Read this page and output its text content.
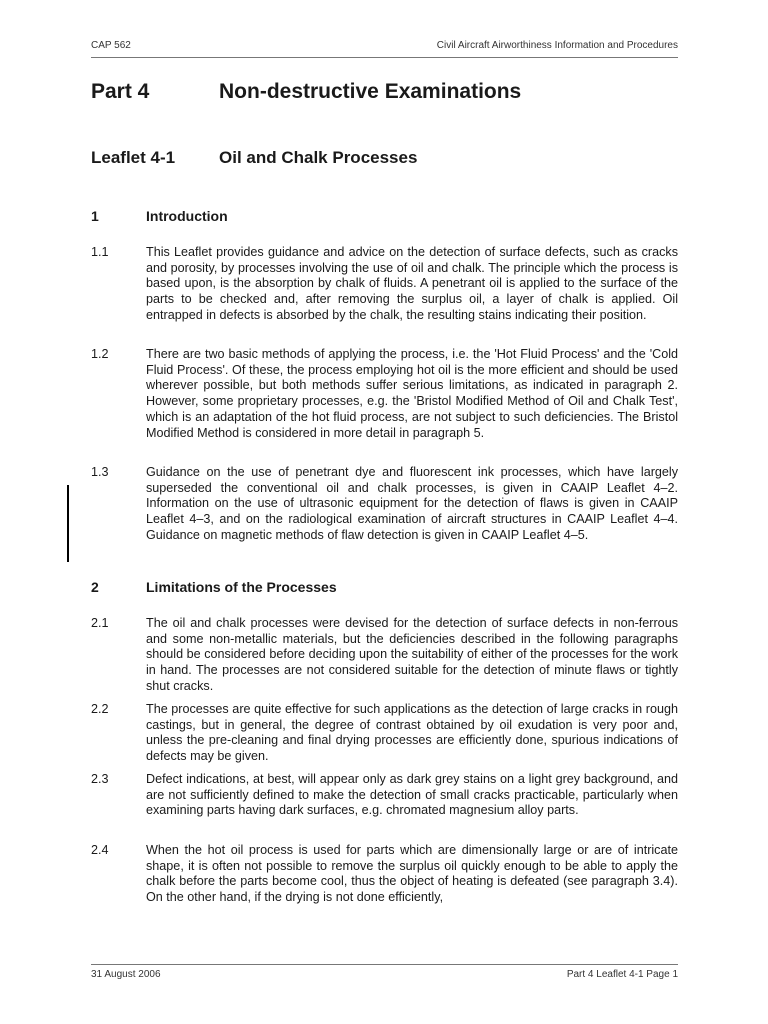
CAP 562	Civil Aircraft Airworthiness Information and Procedures
Part 4	Non-destructive Examinations
Leaflet 4-1	Oil and Chalk Processes
1	Introduction
1.1	This Leaflet provides guidance and advice on the detection of surface defects, such as cracks and porosity, by processes involving the use of oil and chalk. The principle which the process is based upon, is the absorption by chalk of fluids. A penetrant oil is applied to the surface of the parts to be checked and, after removing the surplus oil, a layer of chalk is applied. Oil entrapped in defects is absorbed by the chalk, the resulting stains indicating their position.
1.2	There are two basic methods of applying the process, i.e. the 'Hot Fluid Process' and the 'Cold Fluid Process'. Of these, the process employing hot oil is the more efficient and should be used wherever possible, but both methods suffer serious limitations, as indicated in paragraph 2. However, some proprietary processes, e.g. the 'Bristol Modified Method of Oil and Chalk Test', which is an adaptation of the hot fluid process, are not subject to such deficiencies. The Bristol Modified Method is considered in more detail in paragraph 5.
1.3	Guidance on the use of penetrant dye and fluorescent ink processes, which have largely superseded the conventional oil and chalk processes, is given in CAAIP Leaflet 4–2. Information on the use of ultrasonic equipment for the detection of flaws is given in CAAIP Leaflet 4–3, and on the radiological examination of aircraft structures in CAAIP Leaflet 4–4. Guidance on magnetic methods of flaw detection is given in CAAIP Leaflet 4–5.
2	Limitations of the Processes
2.1	The oil and chalk processes were devised for the detection of surface defects in non-ferrous and some non-metallic materials, but the deficiencies described in the following paragraphs should be considered before deciding upon the suitability of either of the processes for the work in hand. The processes are not considered suitable for the detection of minute flaws or tightly shut cracks.
2.2	The processes are quite effective for such applications as the detection of large cracks in rough castings, but in general, the degree of contrast obtained by oil exudation is very poor and, unless the pre-cleaning and final drying processes are efficiently done, spurious indications of defects may be given.
2.3	Defect indications, at best, will appear only as dark grey stains on a light grey background, and are not sufficiently defined to make the detection of small cracks practicable, particularly when examining parts having dark surfaces, e.g. chromated magnesium alloy parts.
2.4	When the hot oil process is used for parts which are dimensionally large or are of intricate shape, it is often not possible to remove the surplus oil quickly enough to be able to apply the chalk before the parts become cool, thus the object of heating is defeated (see paragraph 3.4). On the other hand, if the drying is not done efficiently,
31 August 2006	Part 4 Leaflet 4-1 Page 1
